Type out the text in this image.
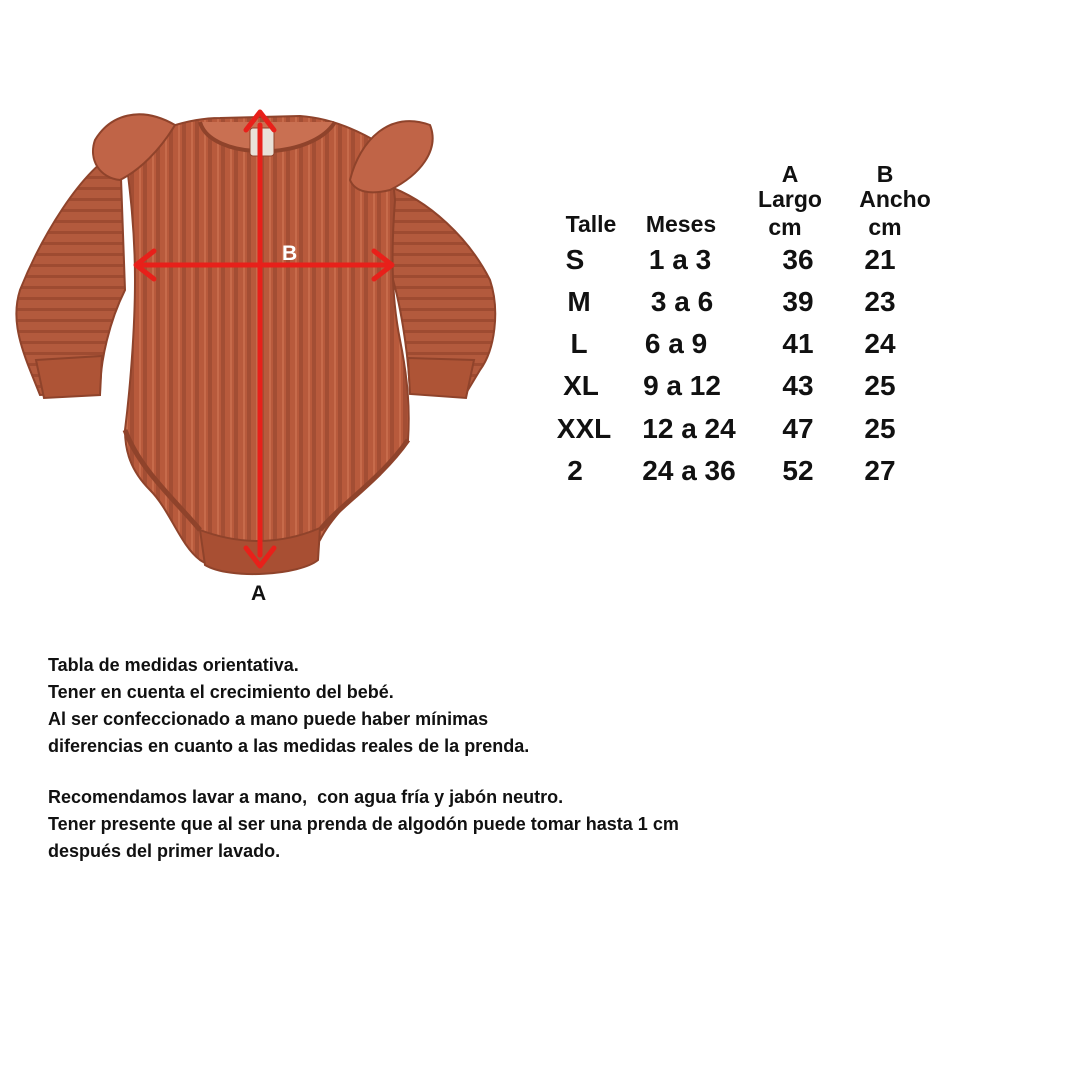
B
A
Talle	Meses
A
Largo
cm
B
Ancho
cm
S	1 a 3	36	21
M	3 a 6	39	23
L	6 a 9	41	24
XL	9 a 12	43	25
XXL 12 a 24	47	25
2	24 a 36	52	27
Tabla de medidas orientativa.
Tener en cuenta el crecimiento del bebé.
Al ser confeccionado a mano puede haber mínimas
diferencias en cuanto a las medidas reales de la prenda.
Recomendamos lavar a mano,  con agua fría y jabón neutro.
Tener presente que al ser una prenda de algodón puede tomar hasta 1 cm
después del primer lavado.
